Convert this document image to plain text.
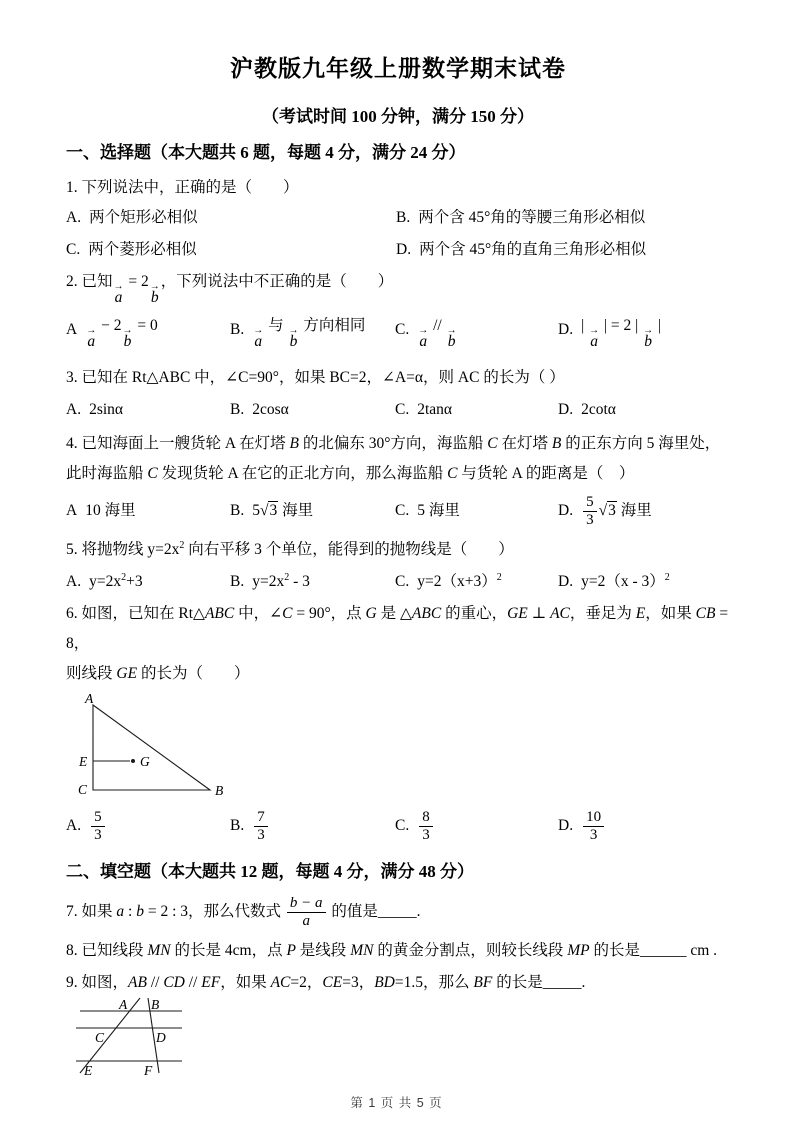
沪教版九年级上册数学期末试卷
（考试时间 100 分钟，满分 150 分）
一、选择题（本大题共 6 题，每题 4 分，满分 24 分）
1. 下列说法中，正确的是（　　）
A. 两个矩形必相似	B. 两个含 45°角的等腰三角形必相似
C. 两个菱形必相似	D. 两个含 45°角的直角三角形必相似
2. 已知 →
a
= 2 →
b
，下列说法中不正确的是（　　）
A →
a
− 2 →
b
= 0	B. →
a
与 →
b
方向相同 C. →
a
// →
b
D. | →
a
| = 2 | →
b
|
3. 已知在 Rt△ABC 中，∠C=90°，如果 BC=2，∠A=α，则 AC 的长为（ ）
A. 2sinα	B. 2cosα	C. 2tanα	D. 2cotα
4. 已知海面上一艘货轮 A 在灯塔 B 的北偏东 30°方向，海监船 C 在灯塔 B 的正东方向 5 海里处，此时海监船 C 发现货轮 A 在它的正北方向，那么海监船 C 与货轮 A 的距离是（　）
A 10 海里	B. 5√3 海里	C. 5 海里	D. $\frac{5}{3} √3$ 海里
5. 将抛物线 $y=2x^2$ 向右平移 3 个单位，能得到的抛物线是（　　）
A. $y=2x^2+3$	B. $y=2x^2 - 3$	C. $y=2(x+3)^2$	D. y=2（x - 3）$^2$
6. 如图，已知在 Rt△ABC 中，∠C = 90°，点 G 是 △ABC 的重心，GE ⊥ AC，垂足为 E，如果 CB = 8，
则线段 GE 的长为（　　）
A
E
C	B
G
A. $\frac{5}{3}$	B. $\frac{7}{3}$	C. $\frac{8}{3}$	D. $\frac{10}{3}$
二、填空题（本大题共 12 题，每题 4 分，满分 48 分）
7. 如果 a : b = 2 : 3，那么代数式 $\frac{b - a}{a}$ 的值是_____.
8. 已知线段 MN 的长是 4cm，点 P 是线段 MN 的黄金分割点，则较长线段 MP 的长是______ cm .
9. 如图，AB // CD // EF，如果 AC=2，CE=3，BD=1.5，那么 BF 的长是_____.
A B
C	D
E	F
第 1 页 共 5 页
